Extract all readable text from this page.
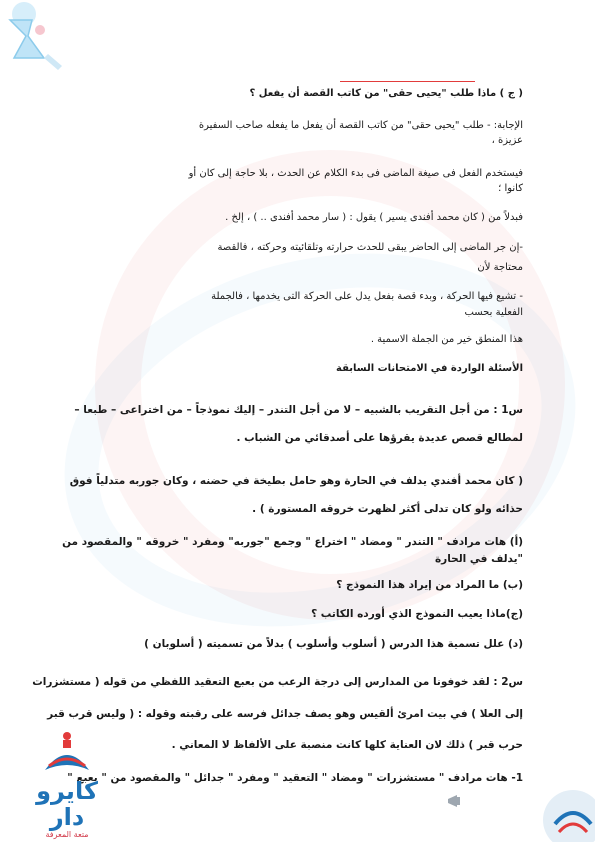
( ج ) ماذا طلب "يحيى حقى" من كاتب القصة أن يفعل ؟
الإجابة: - طلب "يحيى حقى" من كاتب القصة أن يفعل ما يفعله صاحب السفيرة
عزيزة ،
فيستخدم الفعل فى صيغة الماضى فى بدء الكلام عن الحدث ، بلا حاجة إلى كان أو
كانوا ؛
فبدلاً من ( كان محمد أفندى يسير ) يقول : ( سار محمد أفندى .. ) ، إلخ .
-إن جر الماضى إلى الحاضر يبقى للحدث حرارته وتلقائيته وحركته ، فالقصة
محتاجة لأن
- تشيع فيها الحركة ، وبدء قصة بفعل يدل على الحركة التى يخدمها ، فالجملة
الفعلية بحسب
هذا المنطق خير من الجملة الاسمية .
الأسئلة الواردة في الامتحانات السابقة
س1 : من أجل التقريب بالشبيه – لا من أجل التندر – إليك نموذجاً – من اختراعى – طبعا –
لمطالع قصص عديدة يقرؤها على أصدقائي من الشباب .
( كان محمد أفندي يدلف في الحارة وهو حامل بطيخة في حضنه ، وكان جوربه متدلياً فوق
حذائه ولو كان تدلى أكثر لظهرت خروقه المستورة ) .
(أ) هات مرادف " التندر " ومضاد " اختراع " وجمع "جوربه" ومفرد " خروقه " والمقصود من
"يدلف في الحارة
(ب) ما المراد من إيراد هذا النموذج ؟
(ج)ماذا يعيب النموذج الذي أورده الكاتب ؟
(د) علل تسمية هذا الدرس ( أسلوب وأسلوب ) بدلاً من تسميته ( أسلوبان )
س2 : لقد خوفونا من المدارس إلى درجة الرعب من بعبع التعقيد اللفظي من قوله ( مستشزرات
إلى العلا ) في بيت امرئ ألقيس وهو يصف جدائل فرسه على رقبته وقوله : ( وليس قرب قبر
حرب قبر ) ذلك لان العناية كلها كانت منصبة على الألفاظ لا المعاني .
1- هات مرادف " مستشزرات " ومضاد " التعقيد " ومفرد " جدائل " والمقصود من " بعبع "
كايرو دار
متعة المعرفة
